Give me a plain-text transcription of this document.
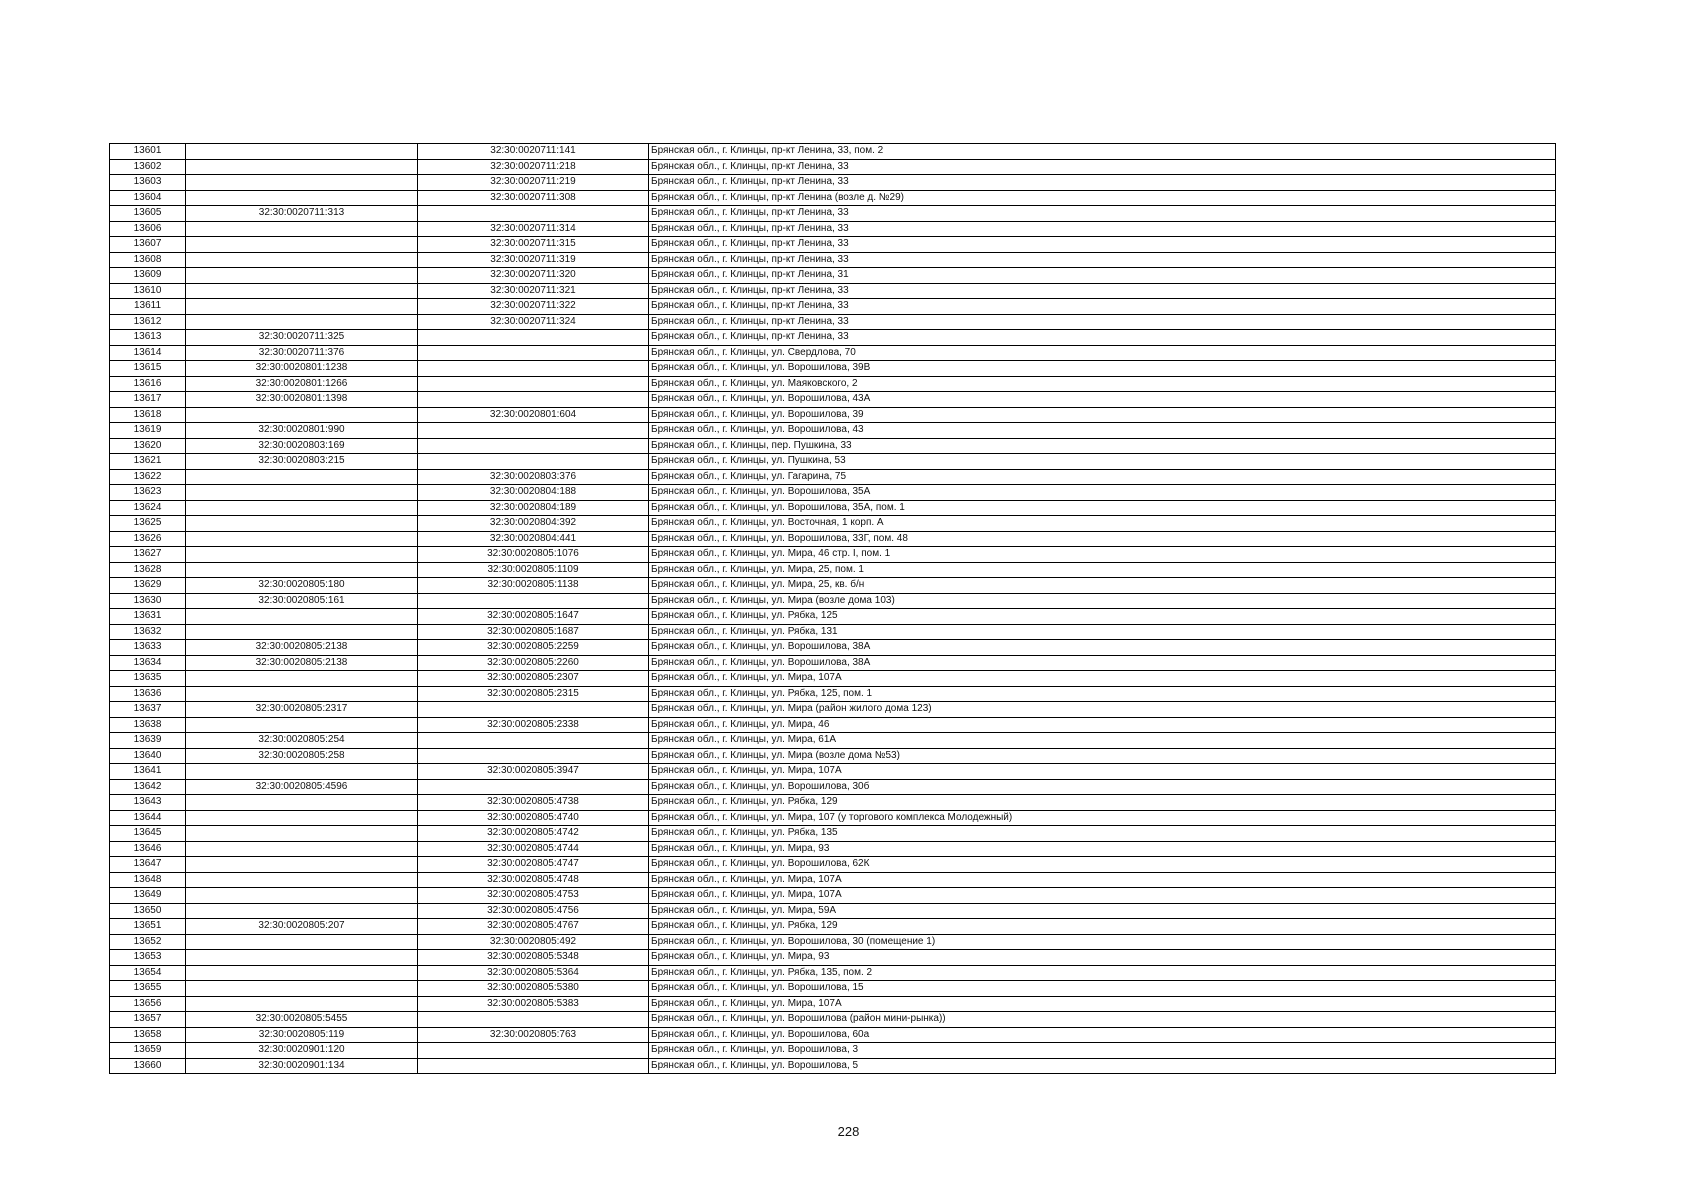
13601		32:30:0020711:141	Брянская обл., г. Клинцы, пр-кт Ленина, 33, пом. 2
13602		32:30:0020711:218	Брянская обл., г. Клинцы, пр-кт Ленина, 33
13603		32:30:0020711:219	Брянская обл., г. Клинцы, пр-кт Ленина, 33
13604		32:30:0020711:308	Брянская обл., г. Клинцы, пр-кт Ленина (возле д. №29)
13605	32:30:0020711:313		Брянская обл., г. Клинцы, пр-кт Ленина, 33
13606		32:30:0020711:314	Брянская обл., г. Клинцы, пр-кт Ленина, 33
13607		32:30:0020711:315	Брянская обл., г. Клинцы, пр-кт Ленина, 33
13608		32:30:0020711:319	Брянская обл., г. Клинцы, пр-кт Ленина, 33
13609		32:30:0020711:320	Брянская обл., г. Клинцы, пр-кт Ленина, 31
13610		32:30:0020711:321	Брянская обл., г. Клинцы, пр-кт Ленина, 33
13611		32:30:0020711:322	Брянская обл., г. Клинцы, пр-кт Ленина, 33
13612		32:30:0020711:324	Брянская обл., г. Клинцы, пр-кт Ленина, 33
13613	32:30:0020711:325		Брянская обл., г. Клинцы, пр-кт Ленина, 33
13614	32:30:0020711:376		Брянская обл., г. Клинцы, ул. Свердлова, 70
13615	32:30:0020801:1238		Брянская обл., г. Клинцы, ул. Ворошилова, 39В
13616	32:30:0020801:1266		Брянская обл., г. Клинцы, ул. Маяковского, 2
13617	32:30:0020801:1398		Брянская обл., г. Клинцы, ул. Ворошилова, 43А
13618		32:30:0020801:604	Брянская обл., г. Клинцы, ул. Ворошилова, 39
13619	32:30:0020801:990		Брянская обл., г. Клинцы, ул. Ворошилова, 43
13620	32:30:0020803:169		Брянская обл., г. Клинцы, пер. Пушкина, 33
13621	32:30:0020803:215		Брянская обл., г. Клинцы, ул. Пушкина, 53
13622		32:30:0020803:376	Брянская обл., г. Клинцы, ул. Гагарина, 75
13623		32:30:0020804:188	Брянская обл., г. Клинцы, ул. Ворошилова, 35А
13624		32:30:0020804:189	Брянская обл., г. Клинцы, ул. Ворошилова, 35А, пом. 1
13625		32:30:0020804:392	Брянская обл., г. Клинцы, ул. Восточная, 1 корп. А
13626		32:30:0020804:441	Брянская обл., г. Клинцы, ул. Ворошилова, 33Г, пом. 48
13627		32:30:0020805:1076	Брянская обл., г. Клинцы, ул. Мира, 46 стр. I, пом. 1
13628		32:30:0020805:1109	Брянская обл., г. Клинцы, ул. Мира, 25, пом. 1
13629	32:30:0020805:180	32:30:0020805:1138	Брянская обл., г. Клинцы, ул. Мира, 25, кв. б/н
13630	32:30:0020805:161		Брянская обл., г. Клинцы, ул. Мира (возле дома 103)
13631		32:30:0020805:1647	Брянская обл., г. Клинцы, ул. Рябка, 125
13632		32:30:0020805:1687	Брянская обл., г. Клинцы, ул. Рябка, 131
13633	32:30:0020805:2138	32:30:0020805:2259	Брянская обл., г. Клинцы, ул. Ворошилова, 38А
13634	32:30:0020805:2138	32:30:0020805:2260	Брянская обл., г. Клинцы, ул. Ворошилова, 38А
13635		32:30:0020805:2307	Брянская обл., г. Клинцы, ул. Мира, 107А
13636		32:30:0020805:2315	Брянская обл., г. Клинцы, ул. Рябка, 125, пом. 1
13637	32:30:0020805:2317		Брянская обл., г. Клинцы, ул. Мира (район жилого дома 123)
13638		32:30:0020805:2338	Брянская обл., г. Клинцы, ул. Мира, 46
13639	32:30:0020805:254		Брянская обл., г. Клинцы, ул. Мира, 61А
13640	32:30:0020805:258		Брянская обл., г. Клинцы, ул. Мира (возле дома №53)
13641		32:30:0020805:3947	Брянская обл., г. Клинцы, ул. Мира, 107А
13642	32:30:0020805:4596		Брянская обл., г. Клинцы, ул. Ворошилова, 30б
13643		32:30:0020805:4738	Брянская обл., г. Клинцы, ул. Рябка, 129
13644		32:30:0020805:4740	Брянская обл., г. Клинцы, ул. Мира, 107 (у торгового комплекса Молодежный)
13645		32:30:0020805:4742	Брянская обл., г. Клинцы, ул. Рябка, 135
13646		32:30:0020805:4744	Брянская обл., г. Клинцы, ул. Мира, 93
13647		32:30:0020805:4747	Брянская обл., г. Клинцы, ул. Ворошилова, 62К
13648		32:30:0020805:4748	Брянская обл., г. Клинцы, ул. Мира, 107А
13649		32:30:0020805:4753	Брянская обл., г. Клинцы, ул. Мира, 107А
13650		32:30:0020805:4756	Брянская обл., г. Клинцы, ул. Мира, 59А
13651	32:30:0020805:207	32:30:0020805:4767	Брянская обл., г. Клинцы, ул. Рябка, 129
13652		32:30:0020805:492	Брянская обл., г. Клинцы, ул. Ворошилова, 30 (помещение 1)
13653		32:30:0020805:5348	Брянская обл., г. Клинцы, ул. Мира, 93
13654		32:30:0020805:5364	Брянская обл., г. Клинцы, ул. Рябка, 135, пом. 2
13655		32:30:0020805:5380	Брянская обл., г. Клинцы, ул. Ворошилова, 15
13656		32:30:0020805:5383	Брянская обл., г. Клинцы, ул. Мира, 107А
13657	32:30:0020805:5455		Брянская обл., г. Клинцы, ул. Ворошилова (район мини-рынка))
13658	32:30:0020805:119	32:30:0020805:763	Брянская обл., г. Клинцы, ул. Ворошилова, 60а
13659	32:30:0020901:120		Брянская обл., г. Клинцы, ул. Ворошилова, 3
13660	32:30:0020901:134		Брянская обл., г. Клинцы, ул. Ворошилова, 5
228
